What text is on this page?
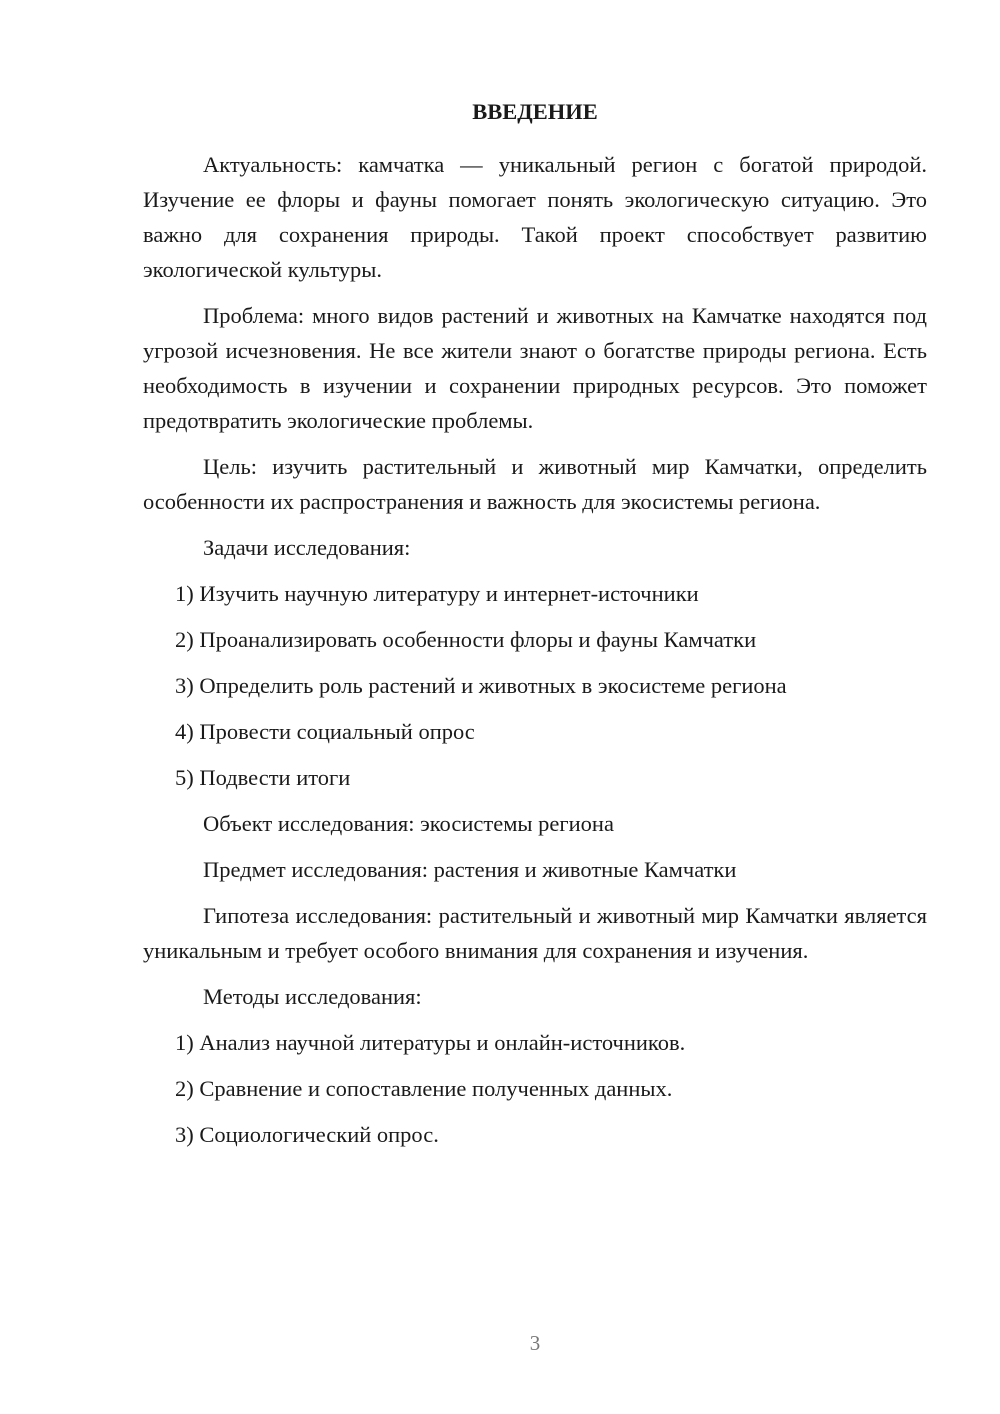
ВВЕДЕНИЕ

Актуальность: камчатка — уникальный регион с богатой природой. Изучение ее флоры и фауны помогает понять экологическую ситуацию. Это важно для сохранения природы. Такой проект способствует развитию экологической культуры.

Проблема: много видов растений и животных на Камчатке находятся под угрозой исчезновения. Не все жители знают о богатстве природы региона. Есть необходимость в изучении и сохранении природных ресурсов. Это поможет предотвратить экологические проблемы.

Цель: изучить растительный и животный мир Камчатки, определить особенности их распространения и важность для экосистемы региона.

Задачи исследования:

1) Изучить научную литературу и интернет-источники
2) Проанализировать особенности флоры и фауны Камчатки
3) Определить роль растений и животных в экосистеме региона
4) Провести социальный опрос
5) Подвести итоги

Объект исследования: экосистемы региона

Предмет исследования: растения и животные Камчатки

Гипотеза исследования: растительный и животный мир Камчатки является уникальным и требует особого внимания для сохранения и изучения.

Методы исследования:

1) Анализ научной литературы и онлайн-источников.
2) Сравнение и сопоставление полученных данных.
3) Социологический опрос.
3
